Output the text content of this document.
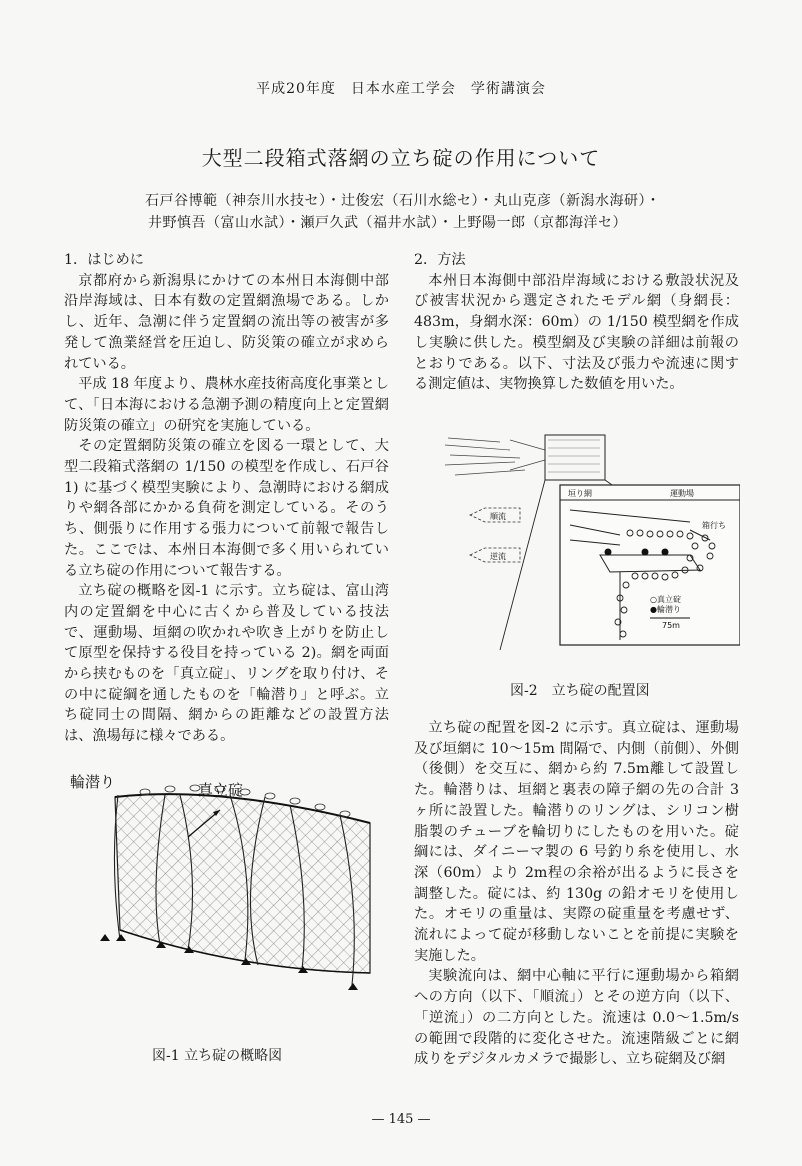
平成20年度　日本水産工学会　学術講演会
大型二段箱式落網の立ち碇の作用について
石戸谷博範（神奈川水技セ）・辻俊宏（石川水総セ）・丸山克彦（新潟水海研）・
井野慎吾（富山水試）・瀬戸久武（福井水試）・上野陽一郎（京都海洋セ）
1．はじめに

京都府から新潟県にかけての本州日本海側中部沿岸海域は、日本有数の定置網漁場である。しかし、近年、急潮に伴う定置網の流出等の被害が多発して漁業経営を圧迫し、防災策の確立が求められている。

平成 18 年度より、農林水産技術高度化事業として、「日本海における急潮予測の精度向上と定置網防災策の確立」の研究を実施している。

その定置網防災策の確立を図る一環として、大型二段箱式落網の 1/150 の模型を作成し、石戸谷 1) に基づく模型実験により、急潮時における網成りや網各部にかかる負荷を測定している。そのうち、側張りに作用する張力について前報で報告した。ここでは、本州日本海側で多く用いられている立ち碇の作用について報告する。

立ち碇の概略を図-1 に示す。立ち碇は、富山湾内の定置網を中心に古くから普及している技法で、運動場、垣網の吹かれや吹き上がりを防止して原型を保持する役目を持っている 2)。網を両面から挟むものを「真立碇」、リングを取り付け、その中に碇綱を通したものを「輪潜り」と呼ぶ。立ち碇同士の間隔、網からの距離などの設置方法は、漁場毎に様々である。

輪潜り	真立碇
図-1 立ち碇の概略図
2．方法

本州日本海側中部沿岸海域における敷設状況及び被害状況から選定されたモデル網（身網長：483m，身網水深：60m）の 1/150 模型網を作成し実験に供した。模型網及び実験の詳細は前報のとおりである。以下、寸法及び張力や流速に関する測定値は、実物換算した数値を用いた。

垣り網	運動場
箱行ち
順流
逆流
○真立碇
●輪潜り
75m
図-2　立ち碇の配置図

立ち碇の配置を図-2 に示す。真立碇は、運動場及び垣網に 10～15m 間隔で、内側（前側）、外側（後側）を交互に、網から約 7.5m離して設置した。輪潜りは、垣網と裏表の障子網の先の合計 3ヶ所に設置した。輪潜りのリングは、シリコン樹脂製のチューブを輪切りにしたものを用いた。碇綱には、ダイニーマ製の 6 号釣り糸を使用し、水深（60m）より 2m程の余裕が出るように長さを調整した。碇には、約 130g の鉛オモリを使用した。オモリの重量は、実際の碇重量を考慮せず、流れによって碇が移動しないことを前提に実験を実施した。

実験流向は、網中心軸に平行に運動場から箱網への方向（以下、「順流」）とその逆方向（以下、「逆流」）の二方向とした。流速は 0.0～1.5m/s の範囲で段階的に変化させた。流速階級ごとに網成りをデジタルカメラで撮影し、立ち碇網及び網

— 145 —
